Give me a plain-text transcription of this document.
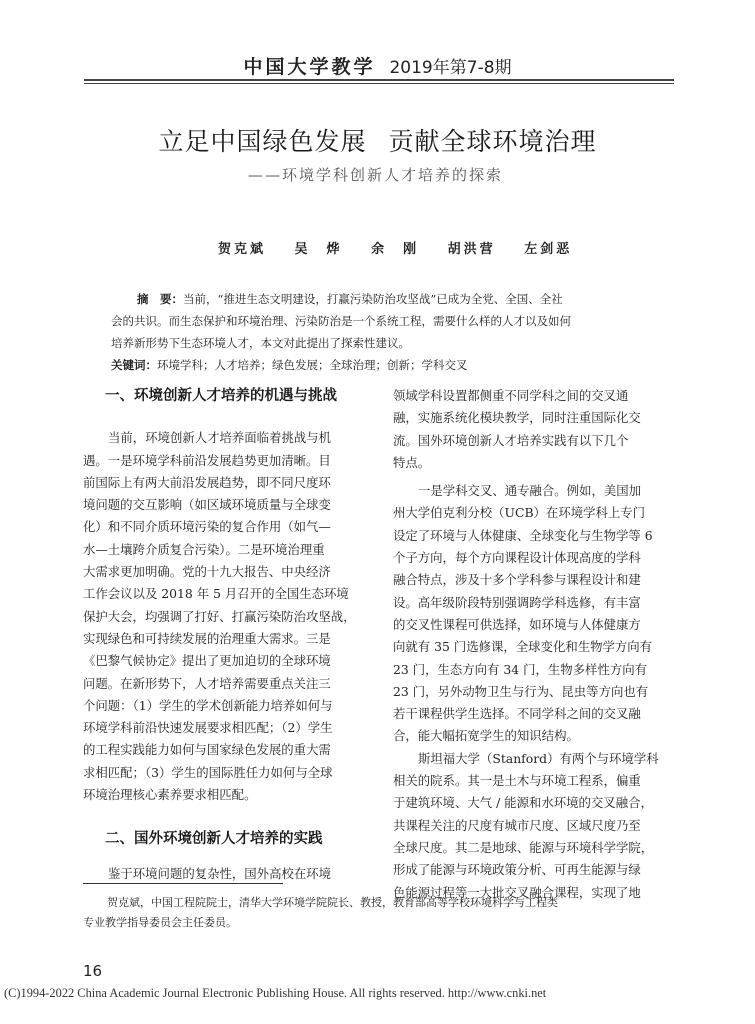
中国大学教学 2019年第7-8期
立足中国绿色发展 贡献全球环境治理
——环境学科创新人才培养的探索
贺克斌 吴　烨 余　刚 胡洪营 左剑恶
摘　要：当前，“推进生态文明建设，打赢污染防治攻坚战”已成为全党、全国、全社
会的共识。而生态保护和环境治理、污染防治是一个系统工程，需要什么样的人才以及如何
培养新形势下生态环境人才，本文对此提出了探索性建议。
关键词：环境学科；人才培养；绿色发展；全球治理；创新；学科交叉
一、环境创新人才培养的机遇与挑战
当前，环境创新人才培养面临着挑战与机
遇。一是环境学科前沿发展趋势更加清晰。目
前国际上有两大前沿发展趋势，即不同尺度环
境问题的交互影响（如区域环境质量与全球变
化）和不同介质环境污染的复合作用（如气—
水—土壤跨介质复合污染）。二是环境治理重
大需求更加明确。党的十九大报告、中央经济
工作会议以及 2018 年 5 月召开的全国生态环境
保护大会，均强调了打好、打赢污染防治攻坚战，
实现绿色和可持续发展的治理重大需求。三是
《巴黎气候协定》提出了更加迫切的全球环境
问题。在新形势下，人才培养需要重点关注三
个问题：（1）学生的学术创新能力培养如何与
环境学科前沿快速发展要求相匹配；（2）学生
的工程实践能力如何与国家绿色发展的重大需
求相匹配；（3）学生的国际胜任力如何与全球
环境治理核心素养要求相匹配。
二、国外环境创新人才培养的实践
鉴于环境问题的复杂性，国外高校在环境
领域学科设置都侧重不同学科之间的交叉通
融，实施系统化模块教学，同时注重国际化交
流。国外环境创新人才培养实践有以下几个
特点。
一是学科交叉、通专融合。例如，美国加
州大学伯克利分校（UCB）在环境学科上专门
设定了环境与人体健康、全球变化与生物学等 6
个子方向，每个方向课程设计体现高度的学科
融合特点，涉及十多个学科参与课程设计和建
设。高年级阶段特别强调跨学科选修，有丰富
的交叉性课程可供选择，如环境与人体健康方
向就有 35 门选修课，全球变化和生物学方向有
23 门，生态方向有 34 门，生物多样性方向有
23 门，另外动物卫生与行为、昆虫等方向也有
若干课程供学生选择。不同学科之间的交叉融
合，能大幅拓宽学生的知识结构。
斯坦福大学（Stanford）有两个与环境学科
相关的院系。其一是土木与环境工程系，偏重
于建筑环境、大气 / 能源和水环境的交叉融合，
共课程关注的尺度有城市尺度、区域尺度乃至
全球尺度。其二是地球、能源与环境科学学院，
形成了能源与环境政策分析、可再生能源与绿
色能源过程等一大批交叉融合课程，实现了地
贺克斌，中国工程院院士，清华大学环境学院院长、教授，教育部高等学校环境科学与工程类
专业教学指导委员会主任委员。
16
(C)1994-2022 China Academic Journal Electronic Publishing House. All rights reserved. http://www.cnki.net
